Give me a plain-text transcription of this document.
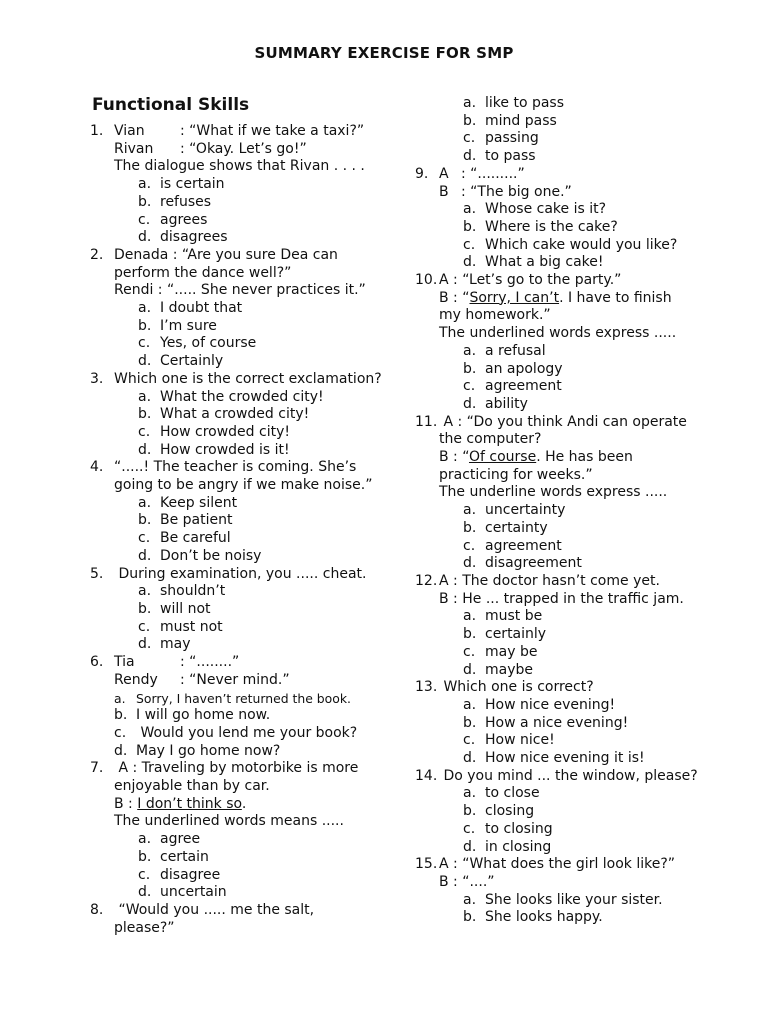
SUMMARY EXERCISE FOR SMP
Functional Skills
1. Vian	: “What if we take a taxi?”
Rivan : “Okay. Let’s go!”
The dialogue shows that Rivan . . . .
a. is certain
b. refuses
c. agrees
d. disagrees
2. Denada : “Are you sure Dea can
perform the dance well?”
Rendi : “..... She never practices it.”
a. I doubt that
b. I’m sure
c. Yes, of course
d. Certainly
3. Which one is the correct exclamation?
a. What the crowded city!
b. What a crowded city!
c. How crowded city!
d. How crowded is it!
4. “.....! The teacher is coming. She’s
going to be angry if we make noise.”
a. Keep silent
b. Be patient
c. Be careful
d. Don’t be noisy
5. During examination, you ..... cheat.
a. shouldn’t
b. will not
c. must not
d. may
6.Tia	: “........”
Rendy : “Never mind.”
a. Sorry, I haven’t returned the book.
b. I will go home now.
c. Would you lend me your book?
d. May I go home now?
7. A : Traveling by motorbike is more
enjoyable than by car.
B : I don’t think so.
The underlined words means .....
a. agree
b. certain
c. disagree
d. uncertain
8. “Would you ..... me the salt,
please?”
a. like to pass
b. mind pass
c. passing
d. to pass
9. A : “.........”
B : “The big one.”
a. Whose cake is it?
b. Where is the cake?
c. Which cake would you like?
d. What a big cake!
10. A : “Let’s go to the party.”
B : “Sorry, I can’t. I have to finish
my homework.”
The underlined words express .....
a. a refusal
b. an apology
c. agreement
d. ability
11. A : “Do you think Andi can operate
the computer?
B : “Of course. He has been
practicing for weeks.”
The underline words express .....
a. uncertainty
b. certainty
c. agreement
d. disagreement
12. A : The doctor hasn’t come yet.
B : He ... trapped in the traffic jam.
a. must be
b. certainly
c. may be
d. maybe
13. Which one is correct?
a. How nice evening!
b. How a nice evening!
c. How nice!
d. How nice evening it is!
14. Do you mind ... the window, please?
a. to close
b. closing
c. to closing
d. in closing
15. A : “What does the girl look like?”
B : “....”
a. She looks like your sister.
b. She looks happy.
